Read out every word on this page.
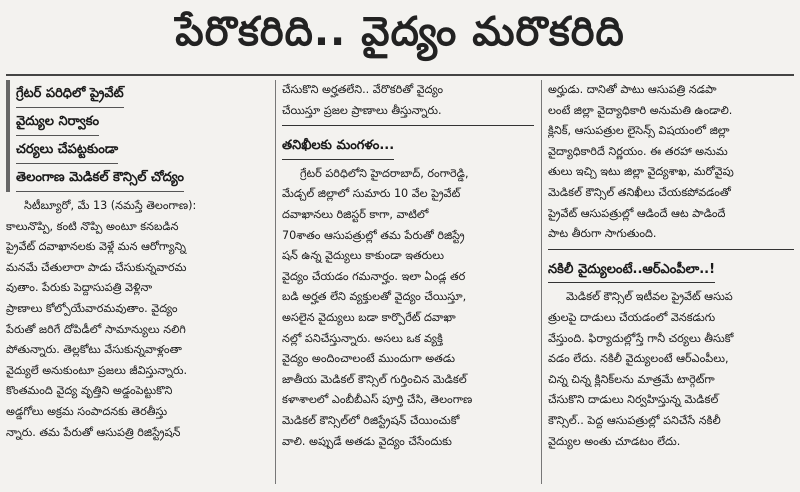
పేరొకరిది.. వైద్యం మరొకరిది
గ్రేటర్ పరిధిలో ప్రైవేట్
వైద్యుల నిర్వాకం
చర్యలు చేపట్టకుండా
తెలంగాణ మెడికల్ కౌన్సిల్ చోద్యం
సిటీబ్యూరో, మే 13 (నమస్తే తెలంగాణ):
కాలునొప్పి, కంటి నొప్పి అంటూ కనబడిన
ప్రైవేట్ దవాఖానలకు వెళ్లే మన ఆరోగ్యాన్ని
మనమే చేతులారా పాడు చేసుకున్నవారమ
వుతాం. పేరుకు పెద్దాసుపత్రి వెళ్లినా
ప్రాణాలు కోల్పోయేవారమవుతాం. వైద్యం
పేరుతో జరిగే దోపిడీలో సామాన్యులు నలిగి
పోతున్నారు. తెల్లకోటు వేసుకున్నవాళ్లంతా
వైద్యులే అనుకుంటూ ప్రజలు జీవిస్తున్నారు.
కొంతమంది వైద్య వృత్తిని అడ్డంపెట్టుకొని
అడ్డగోలు అక్రమ సంపాదనకు తెరతీస్తు
న్నారు. తమ పేరుతో ఆసుపత్రి రిజిస్ట్రేషన్
చేసుకొని అర్హతలేని.. వేరొకరితో వైద్యం
చేయిస్తూ ప్రజల ప్రాణాలు తీస్తున్నారు.
తనిఖీలకు మంగళం...
గ్రేటర్ పరిధిలోని హైదరాబాద్, రంగారెడ్డి,
మేడ్చల్ జిల్లాలో సుమారు 10 వేల ప్రైవేట్
దవాఖానలు రిజిస్టర్ కాగా, వాటిలో
70శాతం ఆసుపత్రుల్లో తమ పేరుతో రిజిస్ట్రే
షన్ ఉన్న వైద్యులు కాకుండా ఇతరులు
వైద్యం చేయడం గమనార్హం. ఇలా ఏండ్ల తర
బడి అర్హత లేని వ్యక్తులతో వైద్యం చేయిస్తూ,
అసలైన వైద్యులు బడా కార్పొరేట్ దవాఖా
నల్లో పనిచేస్తున్నారు. అసలు ఒక వ్యక్తి
వైద్యం అందించాలంటే ముందుగా అతడు
జాతీయ మెడికల్ కౌన్సిల్ గుర్తించిన మెడికల్
కళాశాలలో ఎంబీబీఎస్ పూర్తి చేసి, తెలంగాణ
మెడికల్ కౌన్సిల్‌లో రిజిస్ట్రేషన్ చేయించుకో
వాలి. అప్పుడే అతడు వైద్యం చేసేందుకు
అర్హుడు. దానితో పాటు ఆసుపత్రి నడపా
లంటే జిల్లా వైద్యాధికారి అనుమతి ఉండాలి.
క్లినిక్, ఆసుపత్రుల లైసెన్స్ విషయంలో జిల్లా
వైద్యాధికారిదే నిర్ణయం. ఈ తరహా అనుమ
తులు ఇచ్చి ఇటు జిల్లా వైద్యశాఖ, మరోవైపు
మెడికల్ కౌన్సిల్ తనిఖీలు చేయకపోవడంతో
ప్రైవేట్ ఆసుపత్రుల్లో ఆడిందే ఆట పాడిందే
పాట తీరుగా సాగుతుంది.
నకిలీ వైద్యులంటే..ఆర్‌ఎంపీలా..!
మెడికల్ కౌన్సిల్ ఇటీవల ప్రైవేట్ ఆసుప
త్రులపై దాడులు చేయడంలో వెనకడుగు
వేస్తుంది. ఫిర్యాదుల్లోస్తే గానీ చర్యలు తీసుకో
వడం లేదు. నకిలీ వైద్యులంటే ఆర్‌ఎంపీలు,
చిన్న చిన్న క్లినిక్‌లను మాత్రమే టార్గెట్‌గా
చేసుకొని దాడులు నిర్వహిస్తున్న మెడికల్
కౌన్సిల్.. పెద్ద ఆసుపత్రుల్లో పనిచేసే నకిలీ
వైద్యుల అంతు చూడటం లేదు.
